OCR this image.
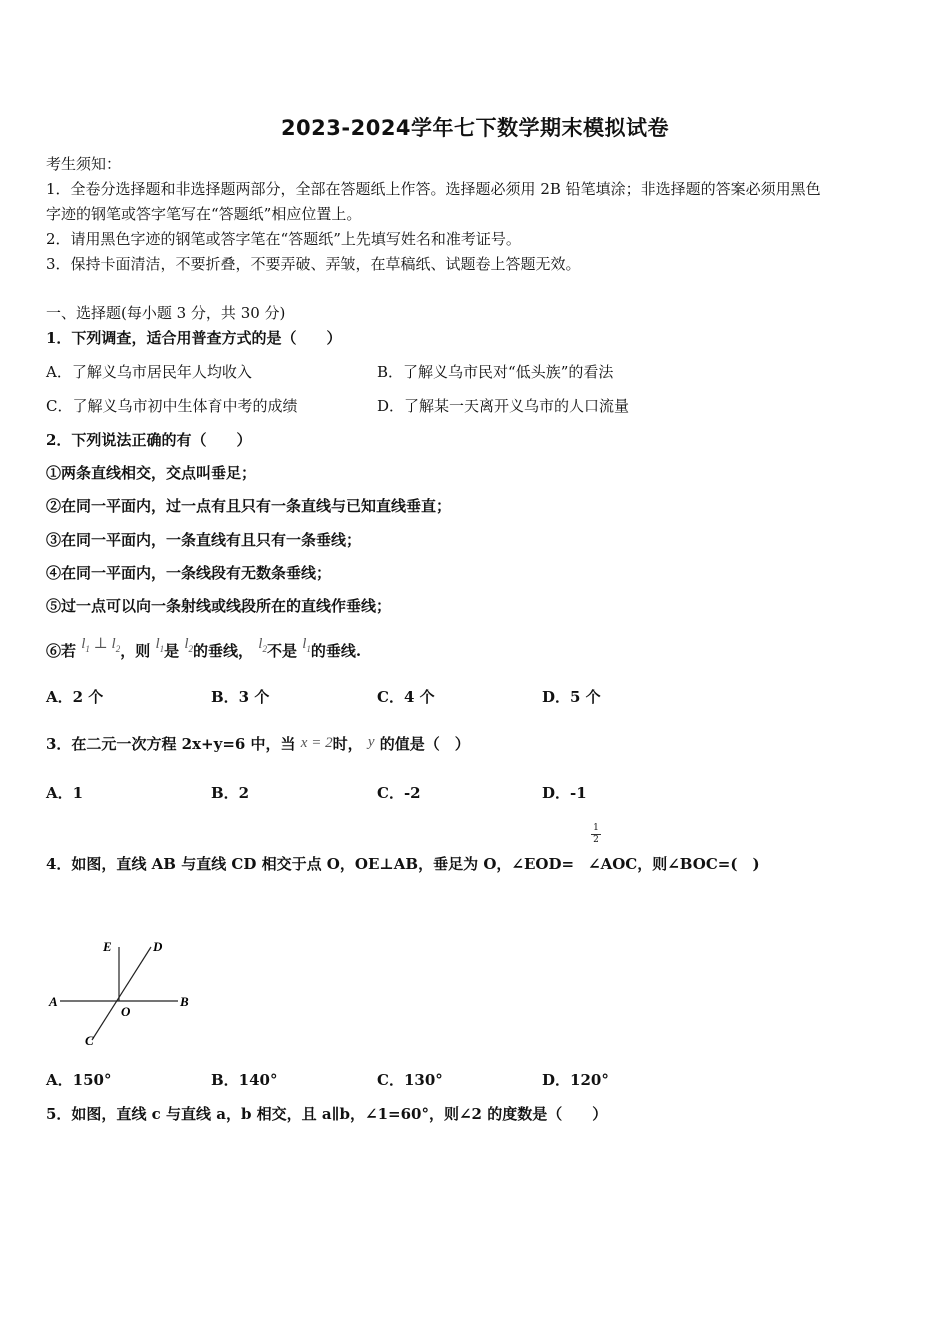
2023-2024学年七下数学期末模拟试卷
考生须知：
1．全卷分选择题和非选择题两部分，全部在答题纸上作答。选择题必须用 2B 铅笔填涂；非选择题的答案必须用黑色
字迹的钢笔或答字笔写在“答题纸”相应位置上。
2．请用黑色字迹的钢笔或答字笔在“答题纸”上先填写姓名和准考证号。
3．保持卡面清洁，不要折叠，不要弄破、弄皱，在草稿纸、试题卷上答题无效。
一、选择题(每小题 3 分，共 30 分)
1．下列调查，适合用普查方式的是（　　）
A．了解义乌市居民年人均收入	B．了解义乌市民对“低头族”的看法
C．了解义乌市初中生体育中考的成绩	D．了解某一天离开义乌市的人口流量
2．下列说法正确的有（　　）
①两条直线相交，交点叫垂足；
②在同一平面内，过一点有且只有一条直线与已知直线垂直；
③在同一平面内，一条直线有且只有一条垂线；
④在同一平面内，一条线段有无数条垂线；
⑤过一点可以向一条射线或线段所在的直线作垂线；
⑥若 $l_1$ ⊥ $l_2$，则 $l_1$是 $l_2$的垂线， $l_2$不是 $l_1$的垂线.
A．2 个	B．3 个	C．4 个	D．5 个
3．在二元一次方程 2x+y=6 中，当 x = 2时， y 的值是（　）
A．1	B．2	C．-2	D．-1
4．如图，直线 AB 与直线 CD 相交于点 O，OE⊥AB，垂足为 O，∠EOD= ∠AOC，则∠BOC=(　)
1
2
E	D
A	B
O
C
A．150°	B．140°	C．130°	D．120°
5．如图，直线 c 与直线 a，b 相交，且 a∥b，∠1=60°，则∠2 的度数是（　　）
